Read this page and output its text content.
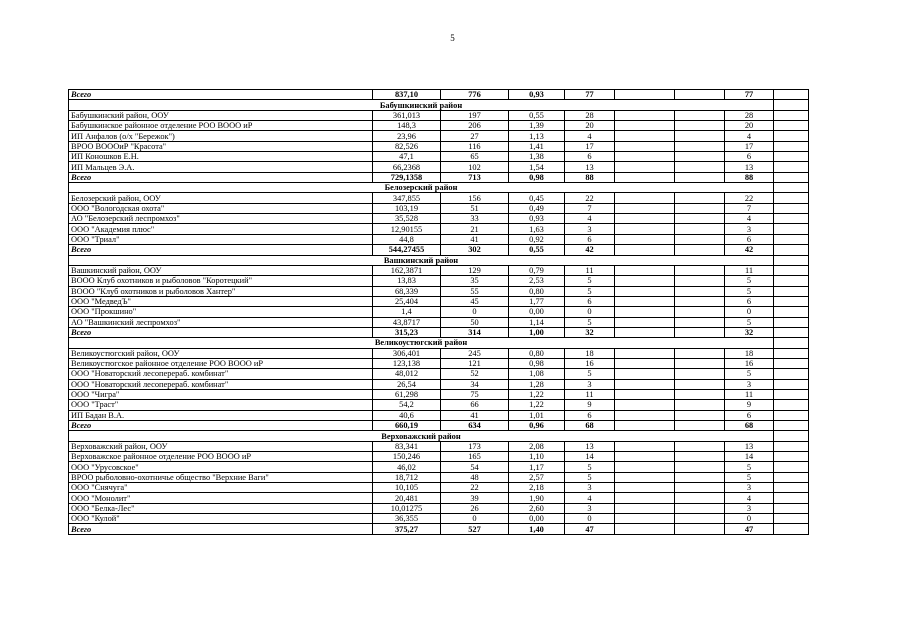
5
Всего	837,10	776	0,93	77			77	
Бабушкинский район								
Бабушкинский район, ООУ	361,013	197	0,55	28			28	
Бабушкинское районное отделение РОО ВООО иР	148,3	206	1,39	20			20	
ИП Анфалов (о/х "Бережок")	23,96	27	1,13	4			4	
ВРОО ВОООиР "Красота"	82,526	116	1,41	17			17	
ИП Коношков Е.Н.	47,1	65	1,38	6			6	
ИП Мальцев Э.А.	66,2368	102	1,54	13			13	
Всего	729,1358	713	0,98	88			88	
Белозерский район								
Белозерский район, ООУ	347,855	156	0,45	22			22	
ООО "Вологодская охота"	103,19	51	0,49	7			7	
АО "Белозерский леспромхоз"	35,528	33	0,93	4			4	
ООО "Академия плюс"	12,90155	21	1,63	3			3	
ООО "Триал"	44,8	41	0,92	6			6	
Всего	544,27455	302	0,55	42			42	
Вашкинский район								
Вашкинский район, ООУ	162,3871	129	0,79	11			11	
ВООО Клуб охотников и рыболовов "Коротецкий"	13,83	35	2,53	5			5	
ВООО "Клуб охотников и рыболовов Хантер"	68,339	55	0,80	5			5	
ООО "МедведЪ"	25,404	45	1,77	6			6	
ООО "Прокшино"	1,4	0	0,00	0			0	
АО "Вашкинский леспромхоз"	43,8717	50	1,14	5			5	
Всего	315,23	314	1,00	32			32	
Великоустюгский район								
Великоустюгский район, ООУ	306,401	245	0,80	18			18	
Великоустюгское районное отделение РОО ВООО иР	123,138	121	0,98	16			16	
ООО "Новаторский лесоперераб. комбинат"	48,012	52	1,08	5			5	
ООО "Новаторский лесоперераб. комбинат"	26,54	34	1,28	3			3	
ООО "Чигра"	61,298	75	1,22	11			11	
ООО "Траст"	54,2	66	1,22	9			9	
ИП Бадан В.А.	40,6	41	1,01	6			6	
Всего	660,19	634	0,96	68			68	
Верховажский район								
Верховажский район, ООУ	83,341	173	2,08	13			13	
Верховажское районное отделение РОО ВООО иР	150,246	165	1,10	14			14	
ООО "Урусовское"	46,02	54	1,17	5			5	
ВРОО рыболовно-охотничье общество "Верхние Ваги"	18,712	48	2,57	5			5	
ООО "Снячуга"	10,105	22	2,18	3			3	
ООО "Монолит"	20,481	39	1,90	4			4	
ООО "Белка-Лес"	10,01275	26	2,60	3			3	
ООО "Кулой"	36,355	0	0,00	0			0	
Всего	375,27	527	1,40	47			47	
